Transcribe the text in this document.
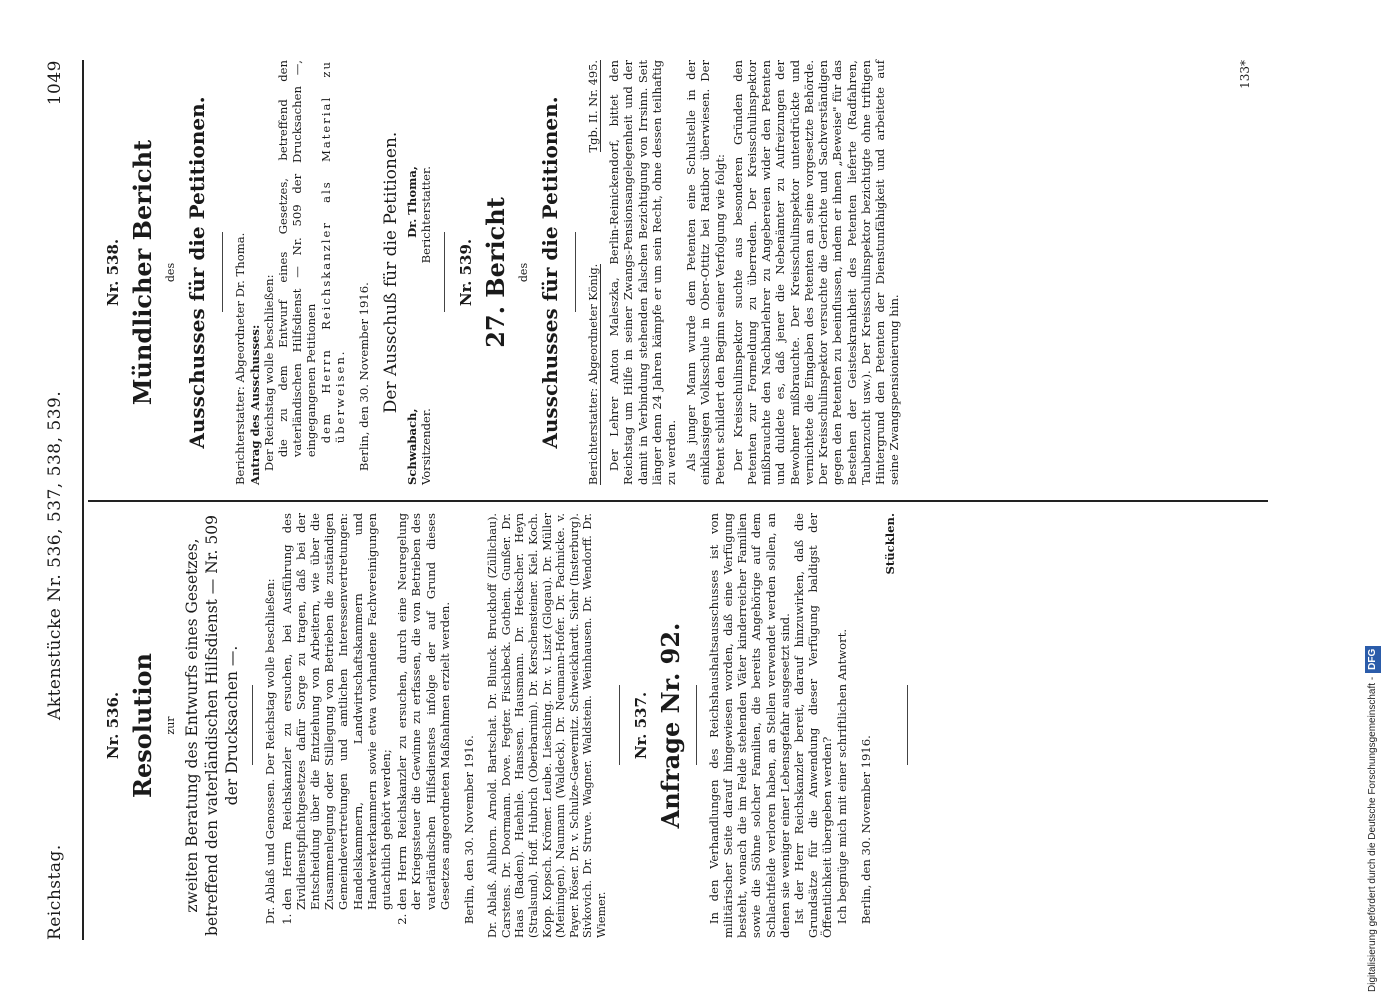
Reichstag.
Aktenstücke Nr. 536, 537, 538, 539.
1049
Nr. 536. Resolution zur zweiten Beratung des Entwurfs eines Gesetzes, betreffend den vaterländischen Hilfsdienst — Nr. 509 der Drucksachen —. Dr. Ablaß und Genossen. Der Reichstag wolle beschließen: 1. den Herrn Reichskanzler zu ersuchen, bei Ausführung des Zivildienstpflichtgesetzes dafür Sorge zu tragen, daß bei der Entscheidung über die Entziehung von Arbeitern, wie über die Zusammenlegung oder Stillegung von Betrieben die zuständigen Gemeindevertretungen und amtlichen Interessenvertretungen: Handelskammern, Landwirtschaftskammern und Handwerkerkammern sowie etwa vorhandene Fachvereinigungen gutachtlich gehört werden; 2. den Herrn Reichskanzler zu ersuchen, durch eine Neuregelung der Kriegssteuer die Gewinne zu erfassen, die von Betrieben des vaterländischen Hilfsdienstes infolge der auf Grund dieses Gesetzes angeordneten Maßnahmen erzielt werden. Berlin, den 30. November 1916. Dr. Ablaß. Ahlhorn. Arnold. Bartschat. Dr. Blunck. Bruckhoff (Züllichau). Carstens. Dr. Doormann. Dove. Fegter. Fischbeck. Gothein. Gunßer. Dr. Haas (Baden). Haehnle. Hanssen. Hausmann. Dr. Heckscher. Heyn (Stralsund). Hoff. Hubrich (Oberbarnim). Dr. Kerschensteiner. Kiel. Koch. Kopp. Kopsch. Krömer. Leube. Liesching. Dr. v. Liszt (Glogau). Dr. Müller (Meiningen). Naumann (Waldeck). Dr. Neumann-Hofer. Dr. Pachnicke. v. Payer. Röser. Dr. v. Schulze-Gaevernitz. Schweickhardt. Siehr (Insterburg). Sivkovich. Dr. Struve. Wagner. Waldstein. Weinhausen. Dr. Wendorff. Dr. Wiemer.

Nr. 537. Anfrage Nr. 92. In den Verhandlungen des Reichshaushaltsausschusses ist von militärischer Seite darauf hingewiesen worden, daß eine Verfügung besteht, wonach die im Felde stehenden Väter kinderreicher Familien sowie die Söhne solcher Familien, die bereits Angehörige auf dem Schlachtfelde verloren haben, an Stellen verwendet werden sollen, an denen sie weniger einer Lebensgefahr ausgesetzt sind. Ist der Herr Reichskanzler bereit, darauf hinzuwirken, daß die Grundsätze für die Anwendung dieser Verfügung baldigst der Öffentlichkeit übergeben werden? Ich begnüge mich mit einer schriftlichen Antwort. Berlin, den 30. November 1916.

Stücklen.
Nr. 538. Mündlicher Bericht des Ausschusses für die Petitionen. Berichterstatter: Abgeordneter Dr. Thoma. Antrag des Ausschusses: Der Reichstag wolle beschließen: die zu dem Entwurf eines Gesetzes, betreffend den vaterländischen Hilfsdienst — Nr. 509 der Drucksachen —, eingegangenen Petitionen dem Herrn Reichskanzler als Material zu überweisen. Berlin, den 30. November 1916. Der Ausschuß für die Petitionen.
Schwabach, Vorsitzender.
Dr. Thoma, Berichterstatter.
Nr. 539. 27. Bericht des Ausschusses für die Petitionen. Berichterstatter: Abgeordneter König.
Tgb. II. Nr. 495. Der Lehrer Anton Maleszka, Berlin-Reinickendorf, bittet den Reichstag um Hilfe in seiner Zwangs-Pensionsangelegenheit und der damit in Verbindung stehenden falschen Bezichtigung von Irrsinn. Seit länger denn 24 Jahren kämpfe er um sein Recht, ohne dessen teilhaftig zu werden. Als junger Mann wurde dem Petenten eine Schulstelle in der einklassigen Volksschule in Ober-Ottitz bei Ratibor überwiesen. Der Petent schildert den Beginn seiner Verfolgung wie folgt: Der Kreisschulinspektor suchte aus besonderen Gründen den Petenten zur Formeldung zu überreden. Der Kreisschulinspektor mißbrauchte den Nachbarlehrer zu Angebereien wider den Petenten und duldete es, daß jener die Nebenämter zu Aufreizungen der Bewohner mißbrauchte. Der Kreisschulinspektor unterdrückte und vernichtete die Eingaben des Petenten an seine vorgesetzte Behörde. Der Kreisschulinspektor versuchte die Gerichte und Sachverständigen gegen den Petenten zu beeinflussen, indem er ihnen „Beweise" für das Bestehen der Geisteskrankheit des Petenten lieferte (Radfahren, Taubenzucht usw.). Der Kreisschulinspektor bezichtigte ohne triftigen Hintergrund den Petenten der Dienstunfähigkeit und arbeitete auf seine Zwangspensionierung hin.

133*
Digitalisierung gefördert durch die Deutsche Forschungsgemeinschaft -DFG
